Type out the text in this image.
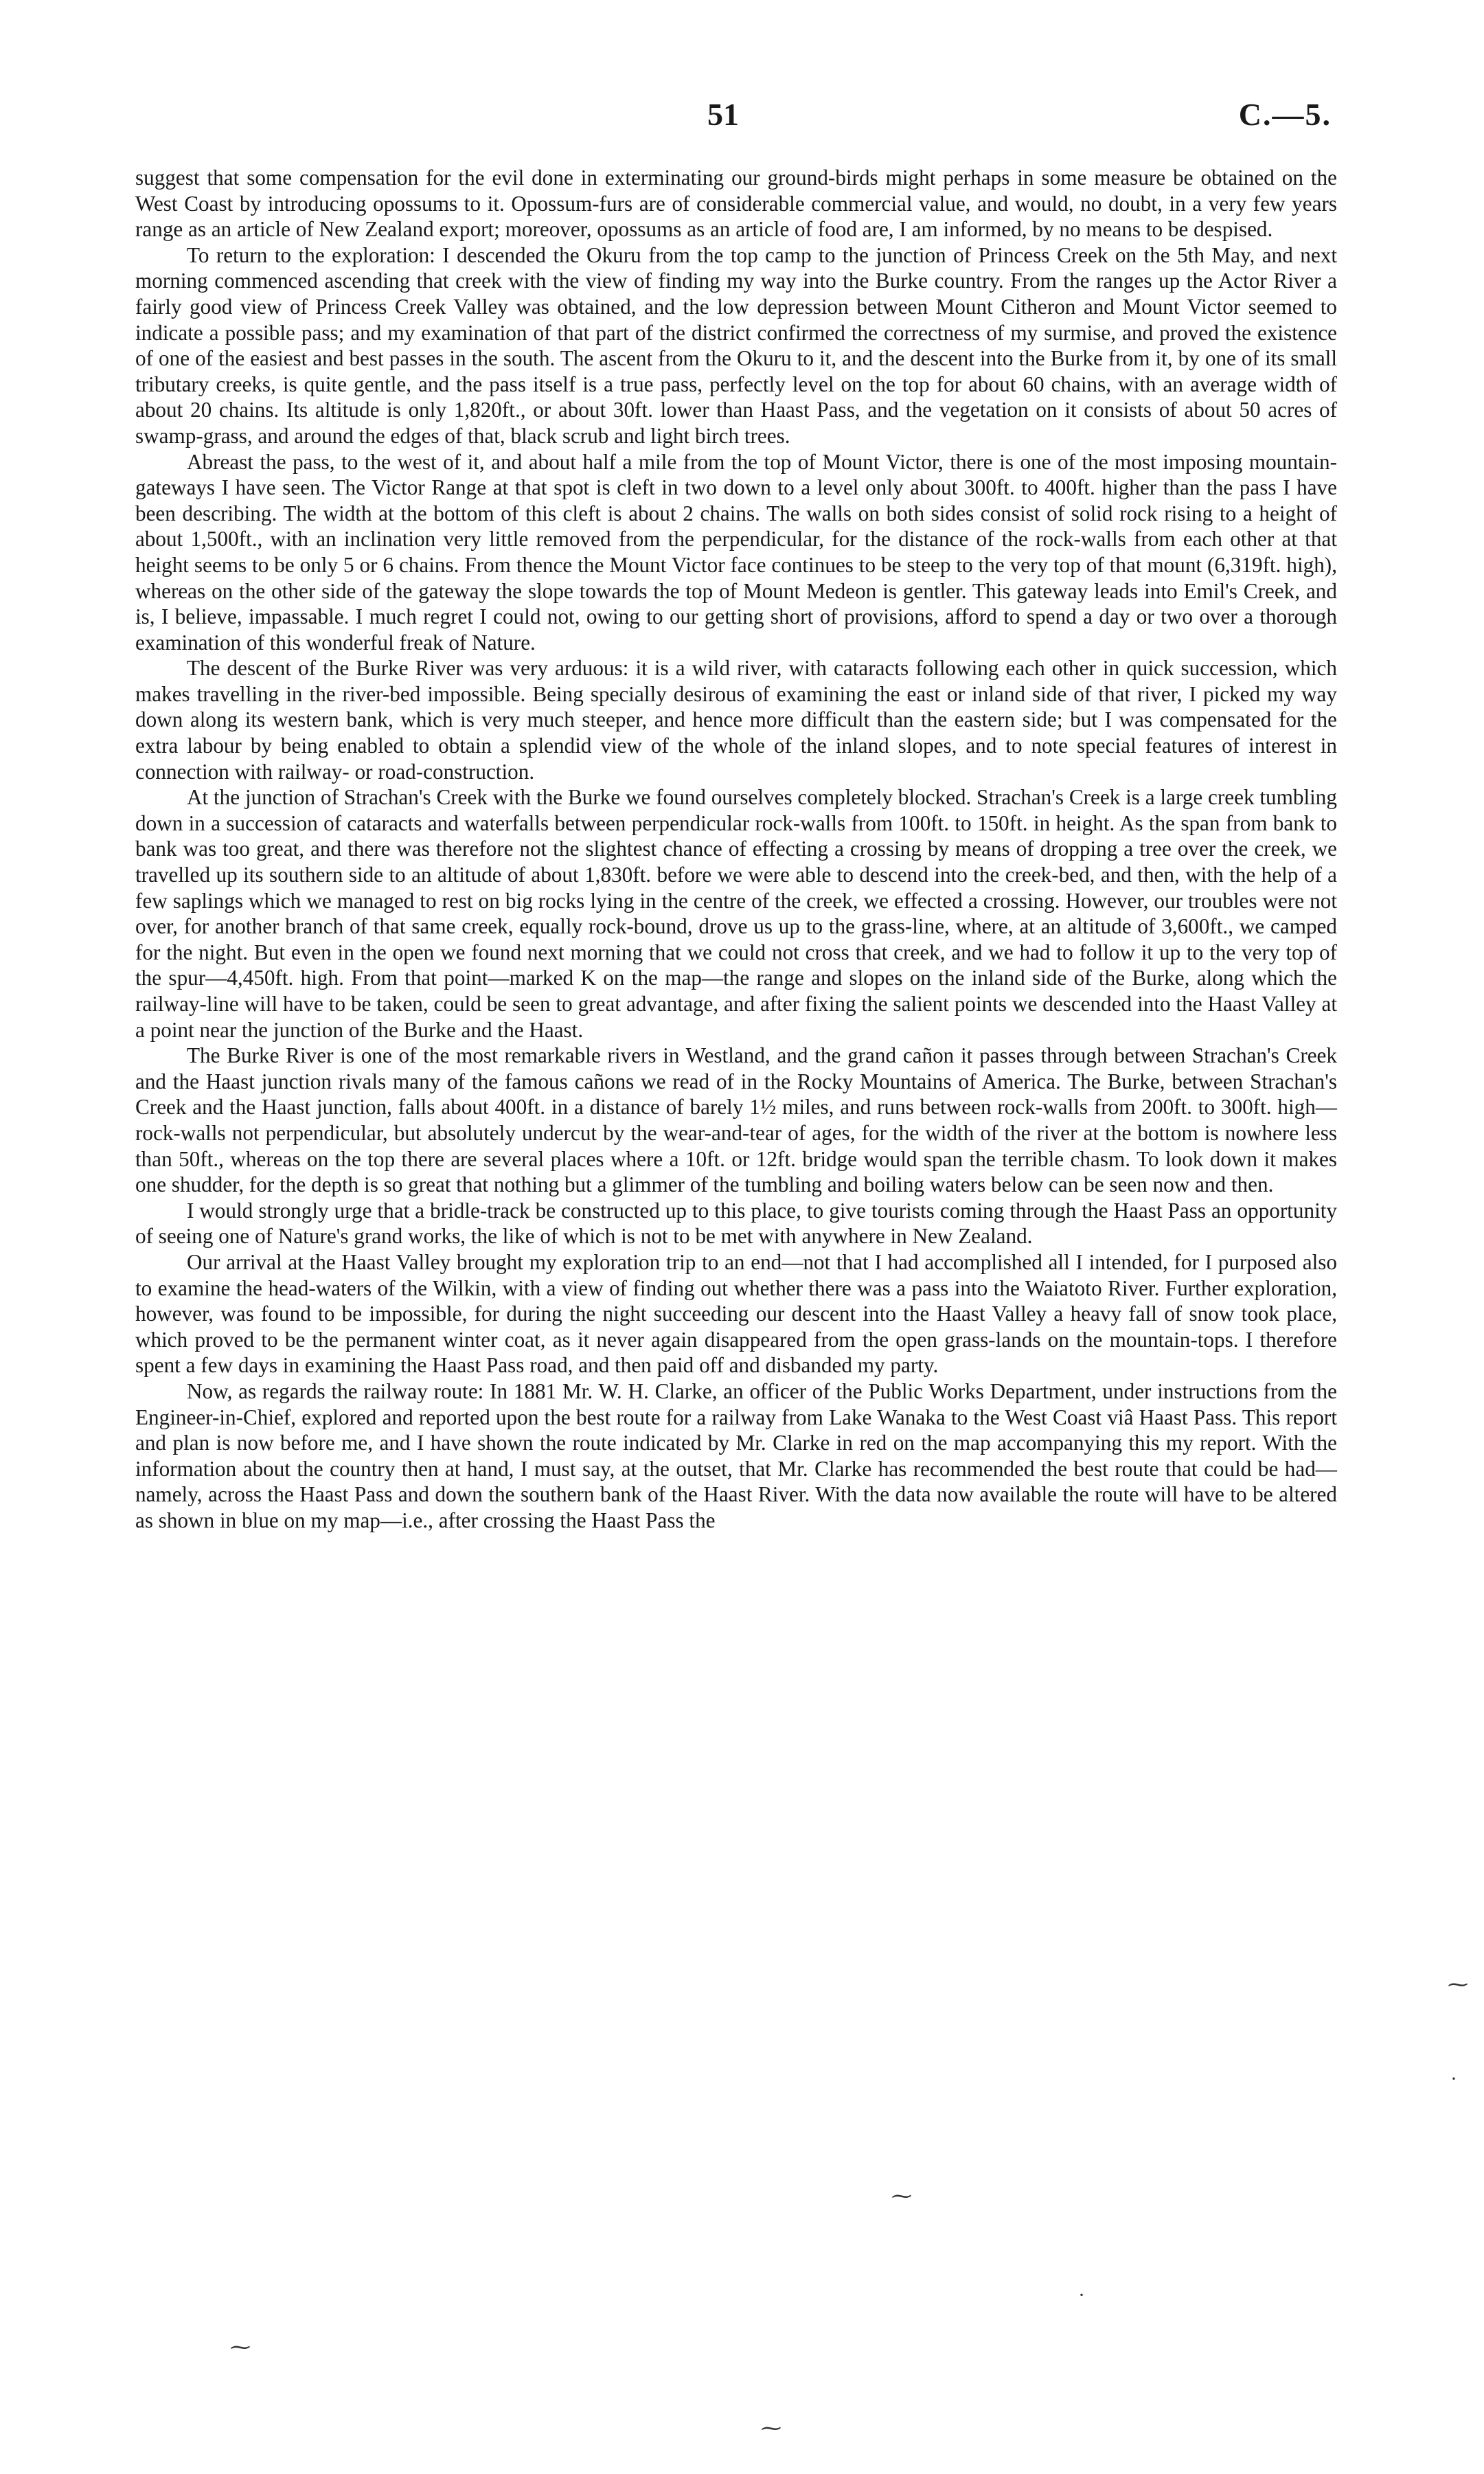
51	C.—5.

suggest that some compensation for the evil done in exterminating our ground-birds might perhaps in some measure be obtained on the West Coast by introducing opossums to it. Opossum-furs are of considerable commercial value, and would, no doubt, in a very few years range as an article of New Zealand export; moreover, opossums as an article of food are, I am informed, by no means to be despised.

To return to the exploration: I descended the Okuru from the top camp to the junction of Princess Creek on the 5th May, and next morning commenced ascending that creek with the view of finding my way into the Burke country. From the ranges up the Actor River a fairly good view of Princess Creek Valley was obtained, and the low depression between Mount Citheron and Mount Victor seemed to indicate a possible pass; and my examination of that part of the district confirmed the correctness of my surmise, and proved the existence of one of the easiest and best passes in the south. The ascent from the Okuru to it, and the descent into the Burke from it, by one of its small tributary creeks, is quite gentle, and the pass itself is a true pass, perfectly level on the top for about 60 chains, with an average width of about 20 chains. Its altitude is only 1,820ft., or about 30ft. lower than Haast Pass, and the vegetation on it consists of about 50 acres of swamp-grass, and around the edges of that, black scrub and light birch trees.

Abreast the pass, to the west of it, and about half a mile from the top of Mount Victor, there is one of the most imposing mountain-gateways I have seen. The Victor Range at that spot is cleft in two down to a level only about 300ft. to 400ft. higher than the pass I have been describing. The width at the bottom of this cleft is about 2 chains. The walls on both sides consist of solid rock rising to a height of about 1,500ft., with an inclination very little removed from the perpendicular, for the distance of the rock-walls from each other at that height seems to be only 5 or 6 chains. From thence the Mount Victor face continues to be steep to the very top of that mount (6,319ft. high), whereas on the other side of the gateway the slope towards the top of Mount Medeon is gentler. This gateway leads into Emil's Creek, and is, I believe, impassable. I much regret I could not, owing to our getting short of provisions, afford to spend a day or two over a thorough examination of this wonderful freak of Nature.

The descent of the Burke River was very arduous: it is a wild river, with cataracts following each other in quick succession, which makes travelling in the river-bed impossible. Being specially desirous of examining the east or inland side of that river, I picked my way down along its western bank, which is very much steeper, and hence more difficult than the eastern side; but I was compensated for the extra labour by being enabled to obtain a splendid view of the whole of the inland slopes, and to note special features of interest in connection with railway- or road-construction.

At the junction of Strachan's Creek with the Burke we found ourselves completely blocked. Strachan's Creek is a large creek tumbling down in a succession of cataracts and waterfalls between perpendicular rock-walls from 100ft. to 150ft. in height. As the span from bank to bank was too great, and there was therefore not the slightest chance of effecting a crossing by means of dropping a tree over the creek, we travelled up its southern side to an altitude of about 1,830ft. before we were able to descend into the creek-bed, and then, with the help of a few saplings which we managed to rest on big rocks lying in the centre of the creek, we effected a crossing. However, our troubles were not over, for another branch of that same creek, equally rock-bound, drove us up to the grass-line, where, at an altitude of 3,600ft., we camped for the night. But even in the open we found next morning that we could not cross that creek, and we had to follow it up to the very top of the spur—4,450ft. high. From that point—marked K on the map—the range and slopes on the inland side of the Burke, along which the railway-line will have to be taken, could be seen to great advantage, and after fixing the salient points we descended into the Haast Valley at a point near the junction of the Burke and the Haast.

The Burke River is one of the most remarkable rivers in Westland, and the grand cañon it passes through between Strachan's Creek and the Haast junction rivals many of the famous cañons we read of in the Rocky Mountains of America. The Burke, between Strachan's Creek and the Haast junction, falls about 400ft. in a distance of barely 1½ miles, and runs between rock-walls from 200ft. to 300ft. high—rock-walls not perpendicular, but absolutely undercut by the wear-and-tear of ages, for the width of the river at the bottom is nowhere less than 50ft., whereas on the top there are several places where a 10ft. or 12ft. bridge would span the terrible chasm. To look down it makes one shudder, for the depth is so great that nothing but a glimmer of the tumbling and boiling waters below can be seen now and then.

I would strongly urge that a bridle-track be constructed up to this place, to give tourists coming through the Haast Pass an opportunity of seeing one of Nature's grand works, the like of which is not to be met with anywhere in New Zealand.

Our arrival at the Haast Valley brought my exploration trip to an end—not that I had accomplished all I intended, for I purposed also to examine the head-waters of the Wilkin, with a view of finding out whether there was a pass into the Waiatoto River. Further exploration, however, was found to be impossible, for during the night succeeding our descent into the Haast Valley a heavy fall of snow took place, which proved to be the permanent winter coat, as it never again disappeared from the open grass-lands on the mountain-tops. I therefore spent a few days in examining the Haast Pass road, and then paid off and disbanded my party.

Now, as regards the railway route: In 1881 Mr. W. H. Clarke, an officer of the Public Works Department, under instructions from the Engineer-in-Chief, explored and reported upon the best route for a railway from Lake Wanaka to the West Coast viâ Haast Pass. This report and plan is now before me, and I have shown the route indicated by Mr. Clarke in red on the map accompanying this my report. With the information about the country then at hand, I must say, at the outset, that Mr. Clarke has recommended the best route that could be had—namely, across the Haast Pass and down the southern bank of the Haast River. With the data now available the route will have to be altered as shown in blue on my map—i.e., after crossing the Haast Pass the

⁓
·
⁓
·
⁓
⁓
